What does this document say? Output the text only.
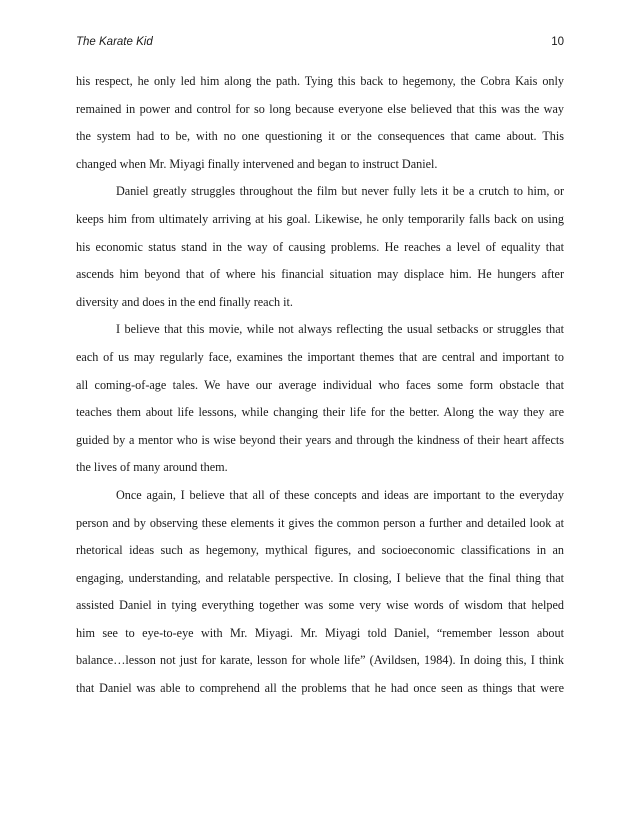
The Karate Kid	10
his respect, he only led him along the path. Tying this back to hegemony, the Cobra Kais only
remained in power and control for so long because everyone else believed that this was the way
the system had to be, with no one questioning it or the consequences that came about. This
changed when Mr. Miyagi finally intervened and began to instruct Daniel.
Daniel greatly struggles throughout the film but never fully lets it be a crutch to him, or
keeps him from ultimately arriving at his goal. Likewise, he only temporarily falls back on using
his economic status stand in the way of causing problems. He reaches a level of equality that
ascends him beyond that of where his financial situation may displace him. He hungers after
diversity and does in the end finally reach it.
I believe that this movie, while not always reflecting the usual setbacks or struggles that
each of us may regularly face, examines the important themes that are central and important to
all coming-of-age tales. We have our average individual who faces some form obstacle that
teaches them about life lessons, while changing their life for the better. Along the way they are
guided by a mentor who is wise beyond their years and through the kindness of their heart affects
the lives of many around them.
Once again, I believe that all of these concepts and ideas are important to the everyday
person and by observing these elements it gives the common person a further and detailed look at
rhetorical ideas such as hegemony, mythical figures, and socioeconomic classifications in an
engaging, understanding, and relatable perspective. In closing, I believe that the final thing that
assisted Daniel in tying everything together was some very wise words of wisdom that helped
him see to eye-to-eye with Mr. Miyagi. Mr. Miyagi told Daniel, “remember lesson about
balance…lesson not just for karate, lesson for whole life” (Avildsen, 1984). In doing this, I think
that Daniel was able to comprehend all the problems that he had once seen as things that were
